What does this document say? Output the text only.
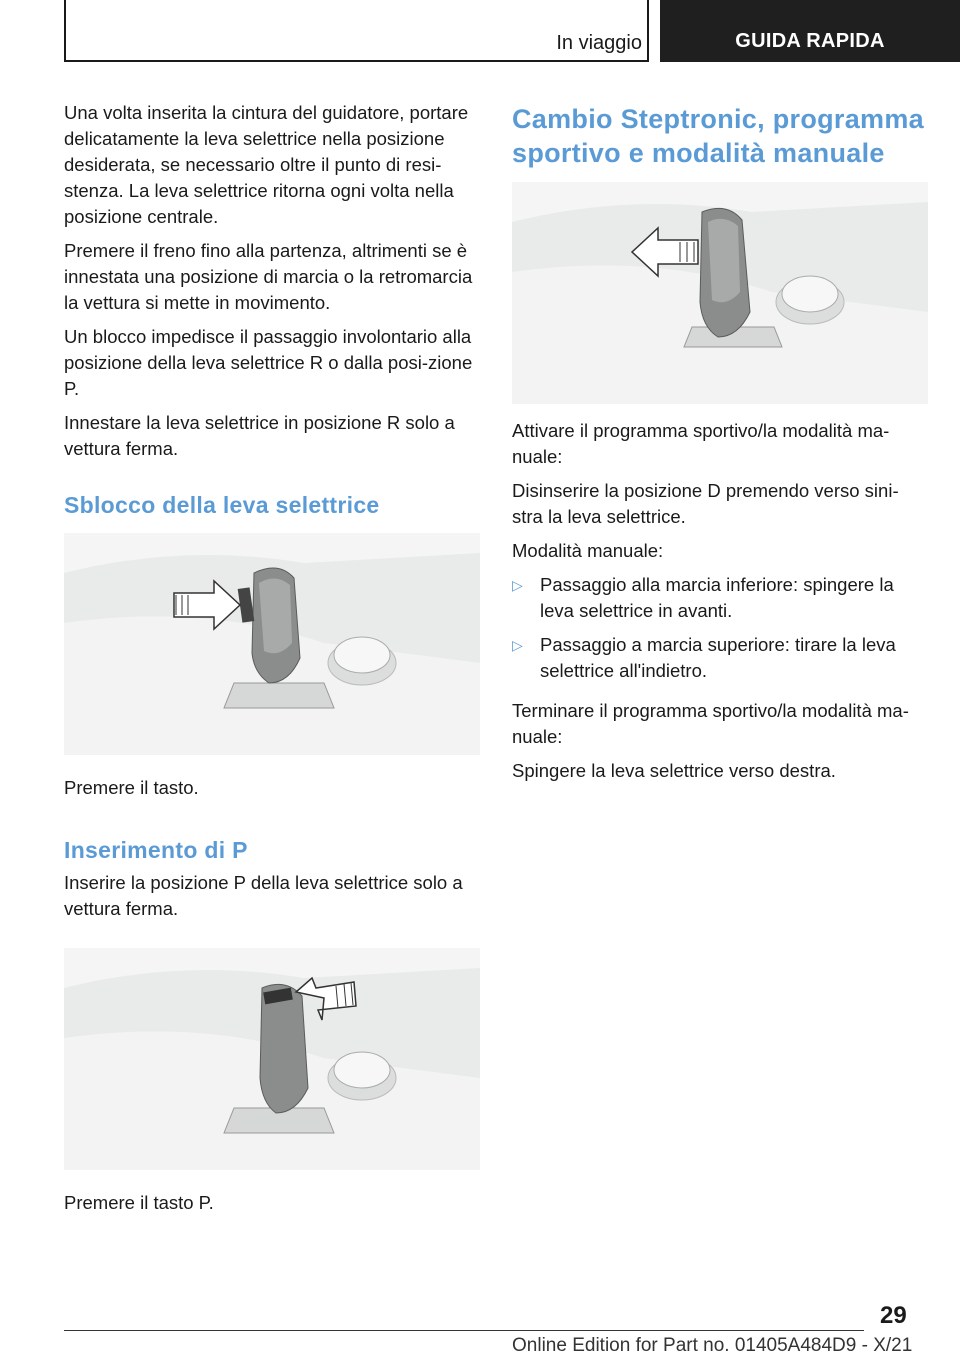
In viaggio	GUIDA RAPIDA

Una volta inserita la cintura del guidatore, portare delicatamente la leva selettrice nella posizione desiderata, se necessario oltre il punto di resi-stenza. La leva selettrice ritorna ogni volta nella posizione centrale.

Premere il freno fino alla partenza, altrimenti se è innestata una posizione di marcia o la retromarcia la vettura si mette in movimento.

Un blocco impedisce il passaggio involontario alla posizione della leva selettrice R o dalla posi-zione P.

Innestare la leva selettrice in posizione R solo a vettura ferma.

Sblocco della leva selettrice

Premere il tasto.

Inserimento di P

Inserire la posizione P della leva selettrice solo a vettura ferma.

Premere il tasto P.

Cambio Steptronic, programma sportivo e modalità manuale

Attivare il programma sportivo/la modalità ma-nuale:

Disinserire la posizione D premendo verso sini-stra la leva selettrice.

Modalità manuale:

▷ Passaggio alla marcia inferiore: spingere la leva selettrice in avanti.
▷ Passaggio a marcia superiore: tirare la leva selettrice all'indietro.

Terminare il programma sportivo/la modalità ma-nuale:

Spingere la leva selettrice verso destra.

29
Online Edition for Part no. 01405A484D9 - X/21
